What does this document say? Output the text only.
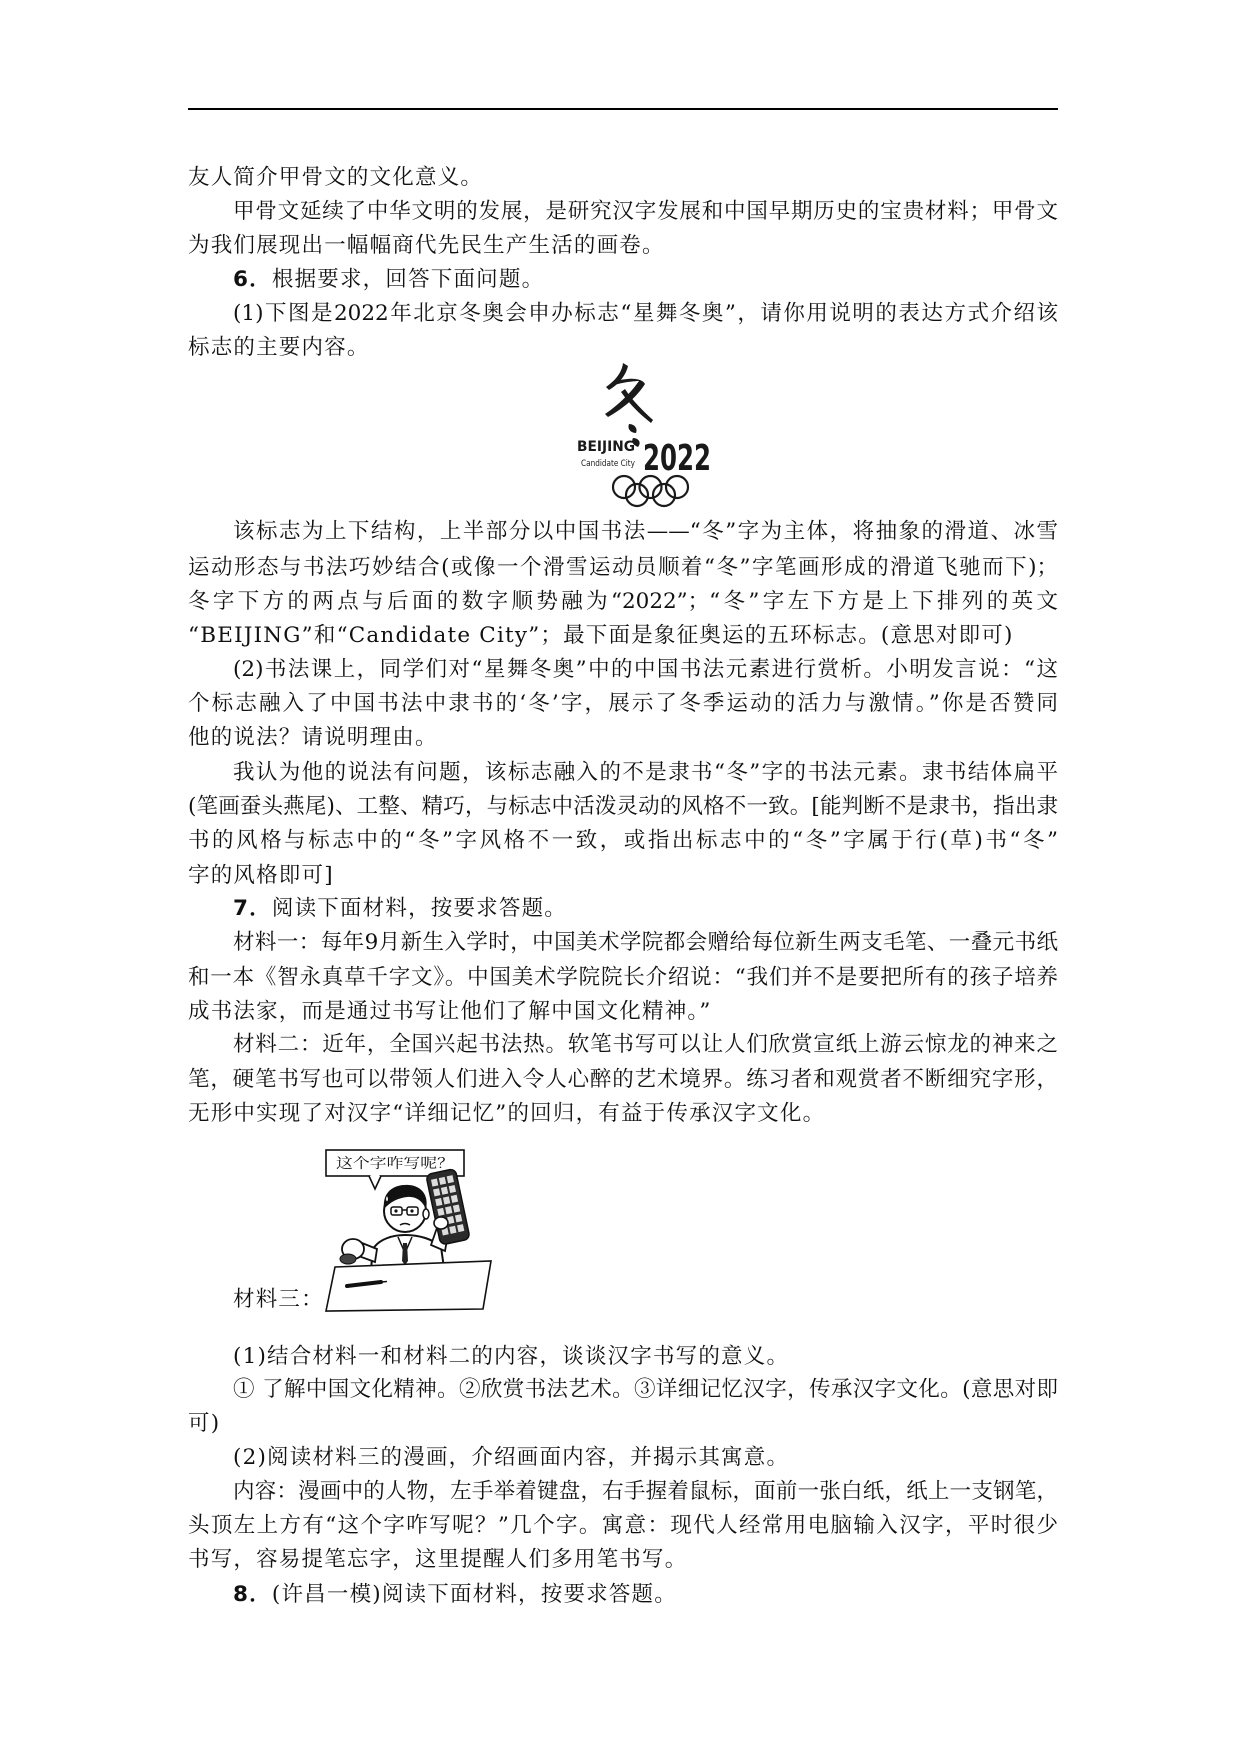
友人简介甲骨文的文化意义。
甲骨文延续了中华文明的发展，是研究汉字发展和中国早期历史的宝贵材料；甲骨文
为我们展现出一幅幅商代先民生产生活的画卷。
6．根据要求，回答下面问题。
(1)下图是2022年北京冬奥会申办标志“星舞冬奥”，请你用说明的表达方式介绍该
标志的主要内容。
BEIJING
Candidate City 2022
该标志为上下结构，上半部分以中国书法——“冬”字为主体，将抽象的滑道、冰雪
运动形态与书法巧妙结合(或像一个滑雪运动员顺着“冬”字笔画形成的滑道飞驰而下)；
冬字下方的两点与后面的数字顺势融为“2022”；“冬”字左下方是上下排列的英文
“BEIJING”和“Candidate City”；最下面是象征奥运的五环标志。(意思对即可)
(2)书法课上，同学们对“星舞冬奥”中的中国书法元素进行赏析。小明发言说：“这
个标志融入了中国书法中隶书的‘冬’字，展示了冬季运动的活力与激情。”你是否赞同
他的说法？请说明理由。
我认为他的说法有问题，该标志融入的不是隶书“冬”字的书法元素。隶书结体扁平
(笔画蚕头燕尾)、工整、精巧，与标志中活泼灵动的风格不一致。[能判断不是隶书，指出隶
书的风格与标志中的“冬”字风格不一致，或指出标志中的“冬”字属于行(草)书“冬”
字的风格即可]
7．阅读下面材料，按要求答题。
材料一：每年9月新生入学时，中国美术学院都会赠给每位新生两支毛笔、一叠元书纸
和一本《智永真草千字文》。中国美术学院院长介绍说：“我们并不是要把所有的孩子培养
成书法家，而是通过书写让他们了解中国文化精神。”
材料二：近年，全国兴起书法热。软笔书写可以让人们欣赏宣纸上游云惊龙的神来之
笔，硬笔书写也可以带领人们进入令人心醉的艺术境界。练习者和观赏者不断细究字形，
无形中实现了对汉字“详细记忆”的回归，有益于传承汉字文化。
这个字咋写呢？
材料三：
(1)结合材料一和材料二的内容，谈谈汉字书写的意义。
① 了解中国文化精神。②欣赏书法艺术。③详细记忆汉字，传承汉字文化。(意思对即
可)
(2)阅读材料三的漫画，介绍画面内容，并揭示其寓意。
内容：漫画中的人物，左手举着键盘，右手握着鼠标，面前一张白纸，纸上一支钢笔，
头顶左上方有“这个字咋写呢？”几个字。寓意：现代人经常用电脑输入汉字，平时很少
书写，容易提笔忘字，这里提醒人们多用笔书写。
8．(许昌一模)阅读下面材料，按要求答题。
